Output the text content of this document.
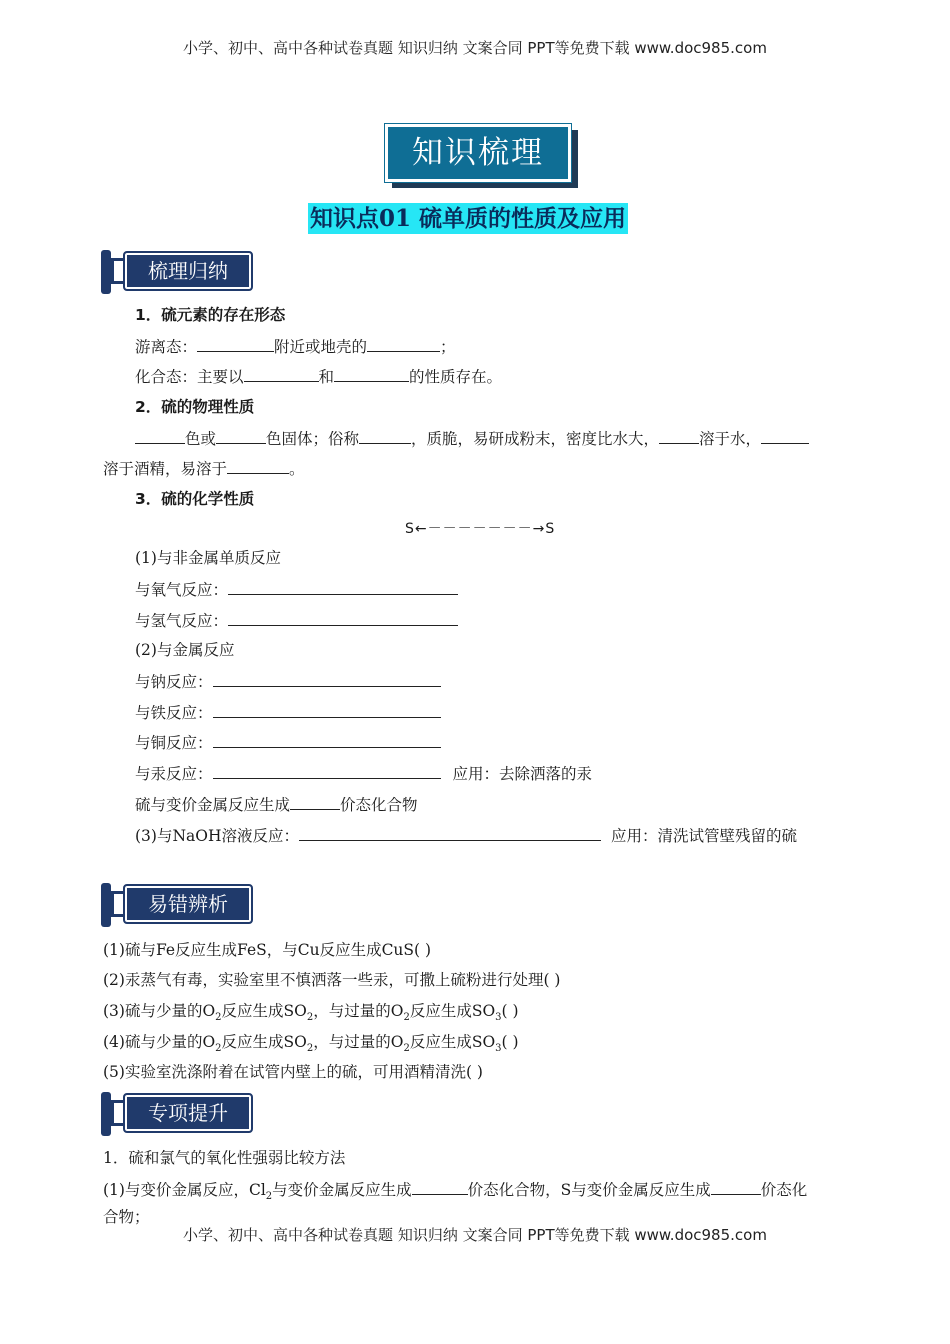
小学、初中、高中各种试卷真题 知识归纳 文案合同 PPT等免费下载 www.doc985.com
小学、初中、高中各种试卷真题 知识归纳 文案合同 PPT等免费下载 www.doc985.com
知识梳理
知识点01 硫单质的性质及应用
梳理归纳
1．硫元素的存在形态
游离态：	附近或地壳的	；
化合态：主要以	和	的性质存在。
2．硫的物理性质
色或	色固体；俗称	，质脆，易研成粉末，密度比水大，	溶于水，
溶于酒精，易溶于	。
3．硫的化学性质
S←－－－－－－－→S
(1)与非金属单质反应
与氧气反应：
与氢气反应：
(2)与金属反应
与钠反应：
与铁反应：
与铜反应：
与汞反应：	应用：去除洒落的汞
硫与变价金属反应生成	价态化合物
(3)与NaOH溶液反应：	应用：清洗试管壁残留的硫
易错辨析
(1)硫与Fe反应生成FeS，与Cu反应生成CuS( )
(2)汞蒸气有毒，实验室里不慎洒落一些汞，可撒上硫粉进行处理( )
(3)硫与少量的$O_2$反应生成$SO_2$，与过量的$O_2$反应生成$SO_3$( )
(4)硫与少量的$O_2$反应生成$SO_2$，与过量的$O_2$反应生成$SO_3$( )
(5)实验室洗涤附着在试管内壁上的硫，可用酒精清洗( )
专项提升
1．硫和氯气的氧化性强弱比较方法
(1)与变价金属反应，$Cl_2$与变价金属反应生成	价态化合物，S与变价金属反应生成	价态化
合物；
